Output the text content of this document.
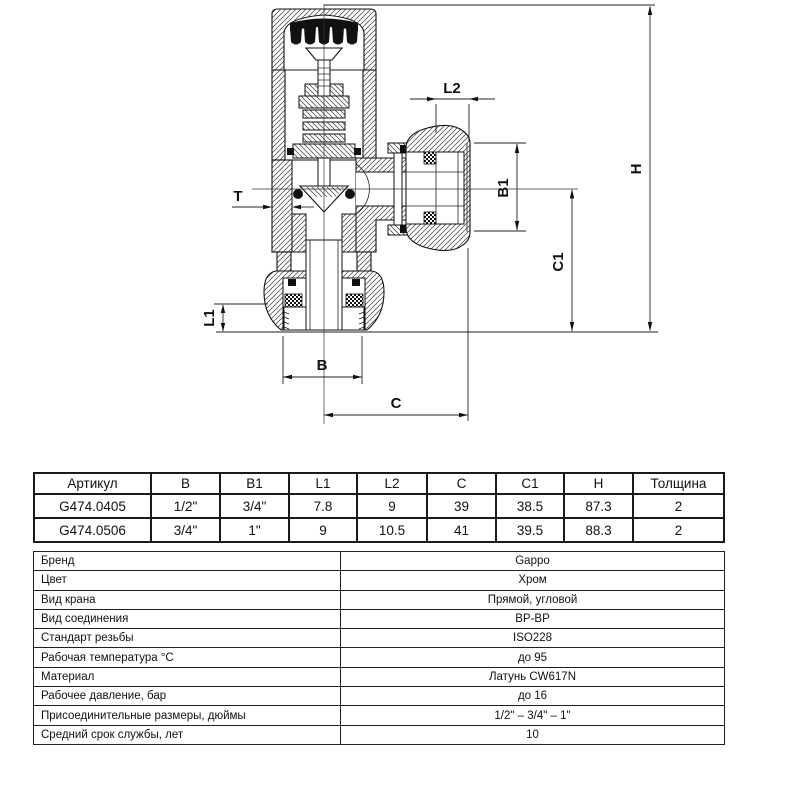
T
L2
B1
C1
H
L1
B
C
Артикул	B	B1	L1	L2	C	C1	H	Толщина
G474.0405	1/2"	3/4"	7.8	9	39	38.5	87.3	2
G474.0506	3/4"	1"	9	10.5	41	39.5	88.3	2
Бренд	Gappo
Цвет	Хром
Вид крана	Прямой, угловой
Вид соединения	ВР-ВР
Стандарт резьбы	ISO228
Рабочая температура °С	до 95
Материал	Латунь CW617N
Рабочее давление, бар	до 16
Присоединительные размеры, дюймы	1/2" – 3/4" – 1"
Средний срок службы, лет	10
